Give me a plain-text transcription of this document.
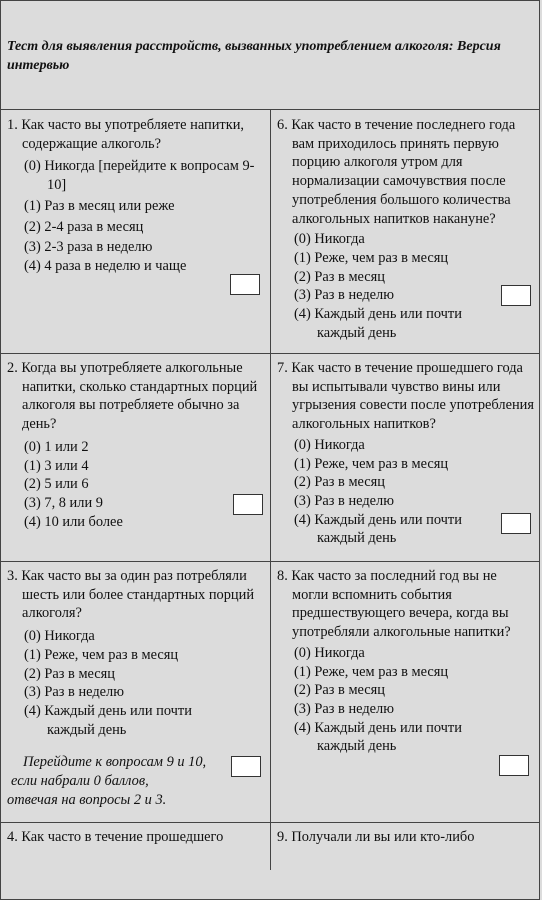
Тест для выявления расстройств, вызванных употреблением алкоголя: Версия интервью
1. Как часто вы употребляете напитки, содержащие алкоголь?
(0) Никогда [перейдите к вопросам 9-10]
(1) Раз в месяц или реже
(2) 2-4 раза в месяц
(3) 2-3 раза в неделю
(4) 4 раза в неделю и чаще
6. Как часто в течение последнего года вам приходилось принять первую порцию алкоголя утром для нормализации самочувствия после употребления большого количества алкогольных напитков накануне?
(0) Никогда
(1) Реже, чем раз в месяц
(2) Раз в месяц
(3) Раз в неделю
(4) Каждый день или почти каждый день
2. Когда вы употребляете алкогольные напитки, сколько стандартных порций алкоголя вы потребляете обычно за день?
(0) 1 или 2
(1) 3 или 4
(2) 5 или 6
(3) 7, 8 или 9
(4) 10 или более
7. Как часто в течение прошедшего года вы испытывали чувство вины или угрызения совести после употребления алкогольных напитков?
(0) Никогда
(1) Реже, чем раз в месяц
(2) Раз в месяц
(3) Раз в неделю
(4) Каждый день или почти каждый день
3. Как часто вы за один раз потребляли шесть или более стандартных порций алкоголя?
(0) Никогда
(1) Реже, чем раз в месяц
(2) Раз в месяц
(3) Раз в неделю
(4) Каждый день или почти каждый день
Перейдите к вопросам 9 и 10,
если набрали 0 баллов,
отвечая на вопросы 2 и 3.
8. Как часто за последний год вы не могли вспомнить события предшествующего вечера, когда вы употребляли алкогольные напитки?
(0) Никогда
(1) Реже, чем раз в месяц
(2) Раз в месяц
(3) Раз в неделю
(4) Каждый день или почти каждый день
4. Как часто в течение прошедшего	9. Получали ли вы или кто-либо
